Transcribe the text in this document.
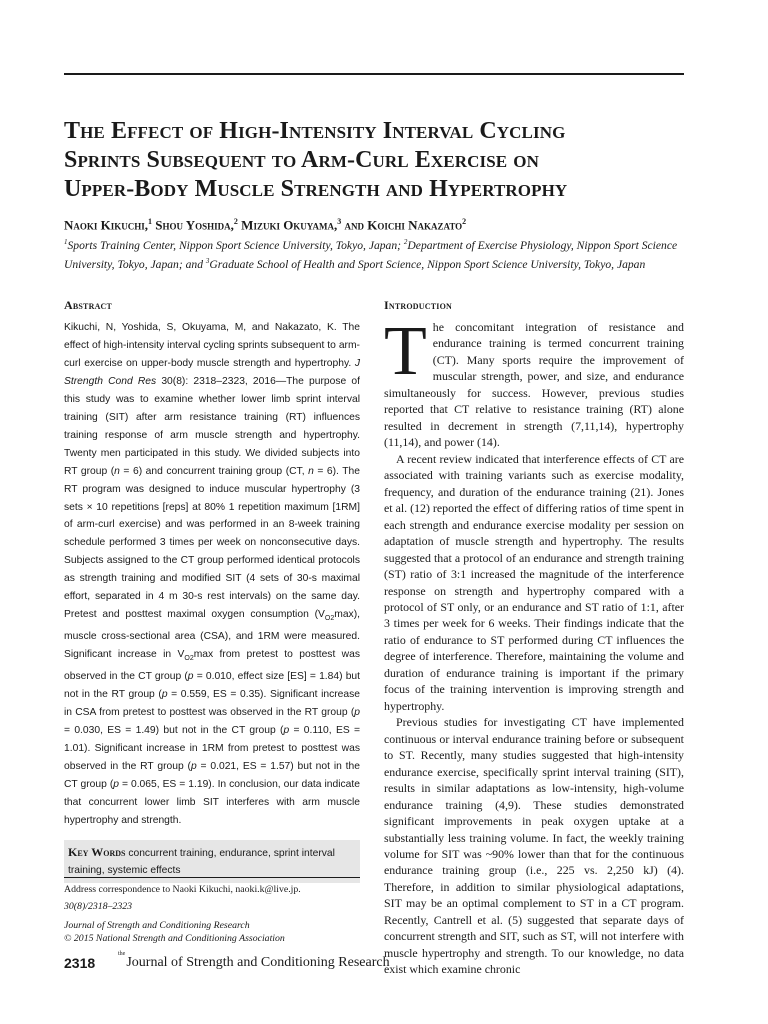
The Effect of High-Intensity Interval Cycling
Sprints Subsequent to Arm-Curl Exercise on
Upper-Body Muscle Strength and Hypertrophy
Naoki Kikuchi,$^1$ Shou Yoshida,$^2$ Mizuki Okuyama,$^3$ and Koichi Nakazato$^2$
$^1$Sports Training Center, Nippon Sport Science University, Tokyo, Japan; $^2$Department of Exercise Physiology, Nippon Sport Science University, Tokyo, Japan; and $^3$Graduate School of Health and Sport Science, Nippon Sport Science University, Tokyo, Japan
Abstract

Kikuchi, N, Yoshida, S, Okuyama, M, and Nakazato, K. The effect of high-intensity interval cycling sprints subsequent to arm-curl exercise on upper-body muscle strength and hypertrophy. J Strength Cond Res 30(8): 2318–2323, 2016—The purpose of this study was to examine whether lower limb sprint interval training (SIT) after arm resistance training (RT) influences training response of arm muscle strength and hypertrophy. Twenty men participated in this study. We divided subjects into RT group (n = 6) and concurrent training group (CT, n = 6). The RT program was designed to induce muscular hypertrophy (3 sets × 10 repetitions [reps] at 80% 1 repetition maximum [1RM] of arm-curl exercise) and was performed in an 8-week training schedule performed 3 times per week on nonconsecutive days. Subjects assigned to the CT group performed identical protocols as strength training and modified SIT (4 sets of 30-s maximal effort, separated in 4 m 30-s rest intervals) on the same day. Pretest and posttest maximal oxygen consumption $(V_{O2}\max)$, muscle cross-sectional area (CSA), and 1RM were measured. Significant increase in $V_{O2}\max$ from pretest to posttest was observed in the CT group (p = 0.010, effect size [ES] = 1.84) but not in the RT group (p = 0.559, ES = 0.35). Significant increase in CSA from pretest to posttest was observed in the RT group (p = 0.030, ES = 1.49) but not in the CT group (p = 0.110, ES = 1.01). Significant increase in 1RM from pretest to posttest was observed in the RT group (p = 0.021, ES = 1.57) but not in the CT group (p = 0.065, ES = 1.19). In conclusion, our data indicate that concurrent lower limb SIT interferes with arm muscle hypertrophy and strength.

Key Words concurrent training, endurance, sprint interval training, systemic effects
Address correspondence to Naoki Kikuchi, naoki.k@live.jp.
30(8)/2318–2323
Journal of Strength and Conditioning Research
© 2015 National Strength and Conditioning Association
2318
$^{the}$Journal of Strength and Conditioning Research
Introduction

The concomitant integration of resistance and endurance training is termed concurrent training (CT). Many sports require the improvement of muscular strength, power, and size, and endurance simultaneously for success. However, previous studies reported that CT relative to resistance training (RT) alone resulted in decrement in strength (7,11,14), hypertrophy (11,14), and power (14).

A recent review indicated that interference effects of CT are associated with training variants such as exercise modality, frequency, and duration of the endurance training (21). Jones et al. (12) reported the effect of differing ratios of time spent in each strength and endurance exercise modality per session on adaptation of muscle strength and hypertrophy. The results suggested that a protocol of an endurance and strength training (ST) ratio of 3:1 increased the magnitude of the interference response on strength and hypertrophy compared with a protocol of ST only, or an endurance and ST ratio of 1:1, after 3 times per week for 6 weeks. Their findings indicate that the ratio of endurance to ST performed during CT influences the degree of interference. Therefore, maintaining the volume and duration of endurance training is important if the primary focus of the training intervention is improving strength and hypertrophy.

Previous studies for investigating CT have implemented continuous or interval endurance training before or subsequent to ST. Recently, many studies suggested that high-intensity endurance exercise, specifically sprint interval training (SIT), results in similar adaptations as low-intensity, high-volume endurance training (4,9). These studies demonstrated significant improvements in peak oxygen uptake at a substantially less training volume. In fact, the weekly training volume for SIT was ~90% lower than that for the continuous endurance training group (i.e., 225 vs. 2,250 kJ) (4). Therefore, in addition to similar physiological adaptations, SIT may be an optimal complement to ST in a CT program. Recently, Cantrell et al. (5) suggested that separate days of concurrent strength and SIT, such as ST, will not interfere with muscle hypertrophy and strength. To our knowledge, no data exist which examine chronic
